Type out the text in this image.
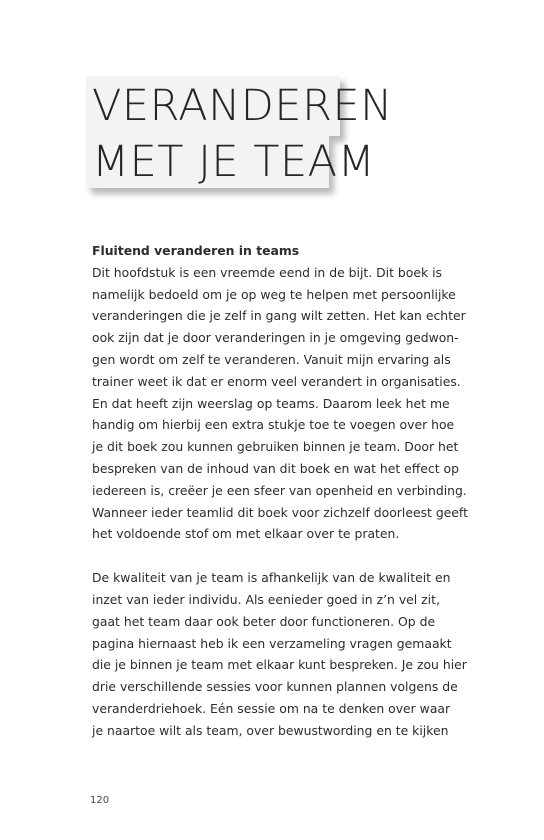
VERANDEREN
MET JE TEAM

Fluitend veranderen in teams

Dit hoofdstuk is een vreemde eend in de bijt. Dit boek is

namelijk bedoeld om je op weg te helpen met persoonlijke

veranderingen die je zelf in gang wilt zetten. Het kan echter

ook zijn dat je door veranderingen in je omgeving gedwon-

gen wordt om zelf te veranderen. Vanuit mijn ervaring als

trainer weet ik dat er enorm veel verandert in organisaties.

En dat heeft zijn weerslag op teams. Daarom leek het me

handig om hierbij een extra stukje toe te voegen over hoe

je dit boek zou kunnen gebruiken binnen je team. Door het

bespreken van de inhoud van dit boek en wat het effect op

iedereen is, creëer je een sfeer van openheid en verbinding.

Wanneer ieder teamlid dit boek voor zichzelf doorleest geeft

het voldoende stof om met elkaar over te praten.

De kwaliteit van je team is afhankelijk van de kwaliteit en

inzet van ieder individu. Als eenieder goed in z’n vel zit,

gaat het team daar ook beter door functioneren. Op de

pagina hiernaast heb ik een verzameling vragen gemaakt

die je binnen je team met elkaar kunt bespreken. Je zou hier

drie verschillende sessies voor kunnen plannen volgens de

veranderdriehoek. Eén sessie om na te denken over waar

je naartoe wilt als team, over bewustwording en te kijken

120
